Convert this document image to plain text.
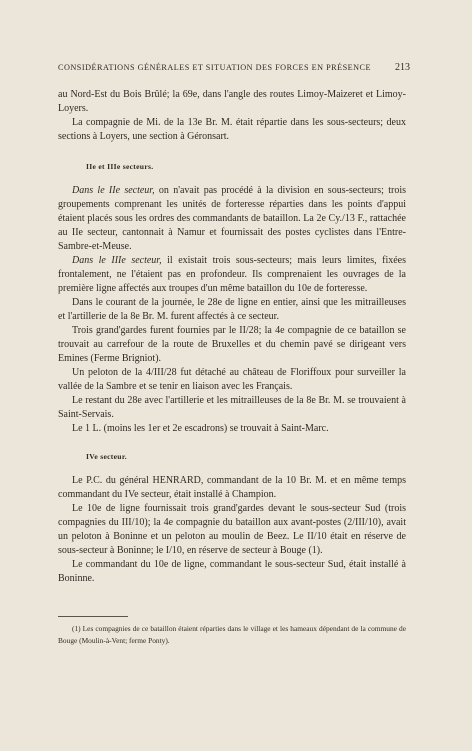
CONSIDÉRATIONS GÉNÉRALES ET SITUATION DES FORCES EN PRÉSENCE 213

au Nord-Est du Bois Brûlé; la 69e, dans l'angle des routes Limoy-Maizeret et Limoy-Loyers.

La compagnie de Mi. de la 13e Br. M. était répartie dans les sous-secteurs; deux sections à Loyers, une section à Géronsart.

IIe et IIIe secteurs.

Dans le IIe secteur, on n'avait pas procédé à la division en sous-secteurs; trois groupements comprenant les unités de forteresse réparties dans les points d'appui étaient placés sous les ordres des commandants de bataillon. La 2e Cy./13 F., rattachée au IIe secteur, cantonnait à Namur et fournissait des postes cyclistes dans l'Entre-Sambre-et-Meuse.

Dans le IIIe secteur, il existait trois sous-secteurs; mais leurs limites, fixées frontalement, ne l'étaient pas en profondeur. Ils comprenaient les ouvrages de la première ligne affectés aux troupes d'un même bataillon du 10e de forteresse.

Dans le courant de la journée, le 28e de ligne en entier, ainsi que les mitrailleuses et l'artillerie de la 8e Br. M. furent affectés à ce secteur.

Trois grand'gardes furent fournies par le II/28; la 4e compagnie de ce bataillon se trouvait au carrefour de la route de Bruxelles et du chemin pavé se dirigeant vers Emines (Ferme Brigniot).

Un peloton de la 4/III/28 fut détaché au château de Floriffoux pour surveiller la vallée de la Sambre et se tenir en liaison avec les Français.

Le restant du 28e avec l'artillerie et les mitrailleuses de la 8e Br. M. se trouvaient à Saint-Servais.

Le 1 L. (moins les 1er et 2e escadrons) se trouvait à Saint-Marc.

IVe secteur.

Le P.C. du général HENRARD, commandant de la 10 Br. M. et en même temps commandant du IVe secteur, était installé à Champion.

Le 10e de ligne fournissait trois grand'gardes devant le sous-secteur Sud (trois compagnies du III/10); la 4e compagnie du bataillon aux avant-postes (2/III/10), avait un peloton à Boninne et un peloton au moulin de Beez. Le II/10 était en réserve de sous-secteur à Boninne; le I/10, en réserve de secteur à Bouge (1).

Le commandant du 10e de ligne, commandant le sous-secteur Sud, était installé à Boninne.

(1) Les compagnies de ce bataillon étaient réparties dans le village et les hameaux dépendant de la commune de Bouge (Moulin-à-Vent; ferme Ponty).
